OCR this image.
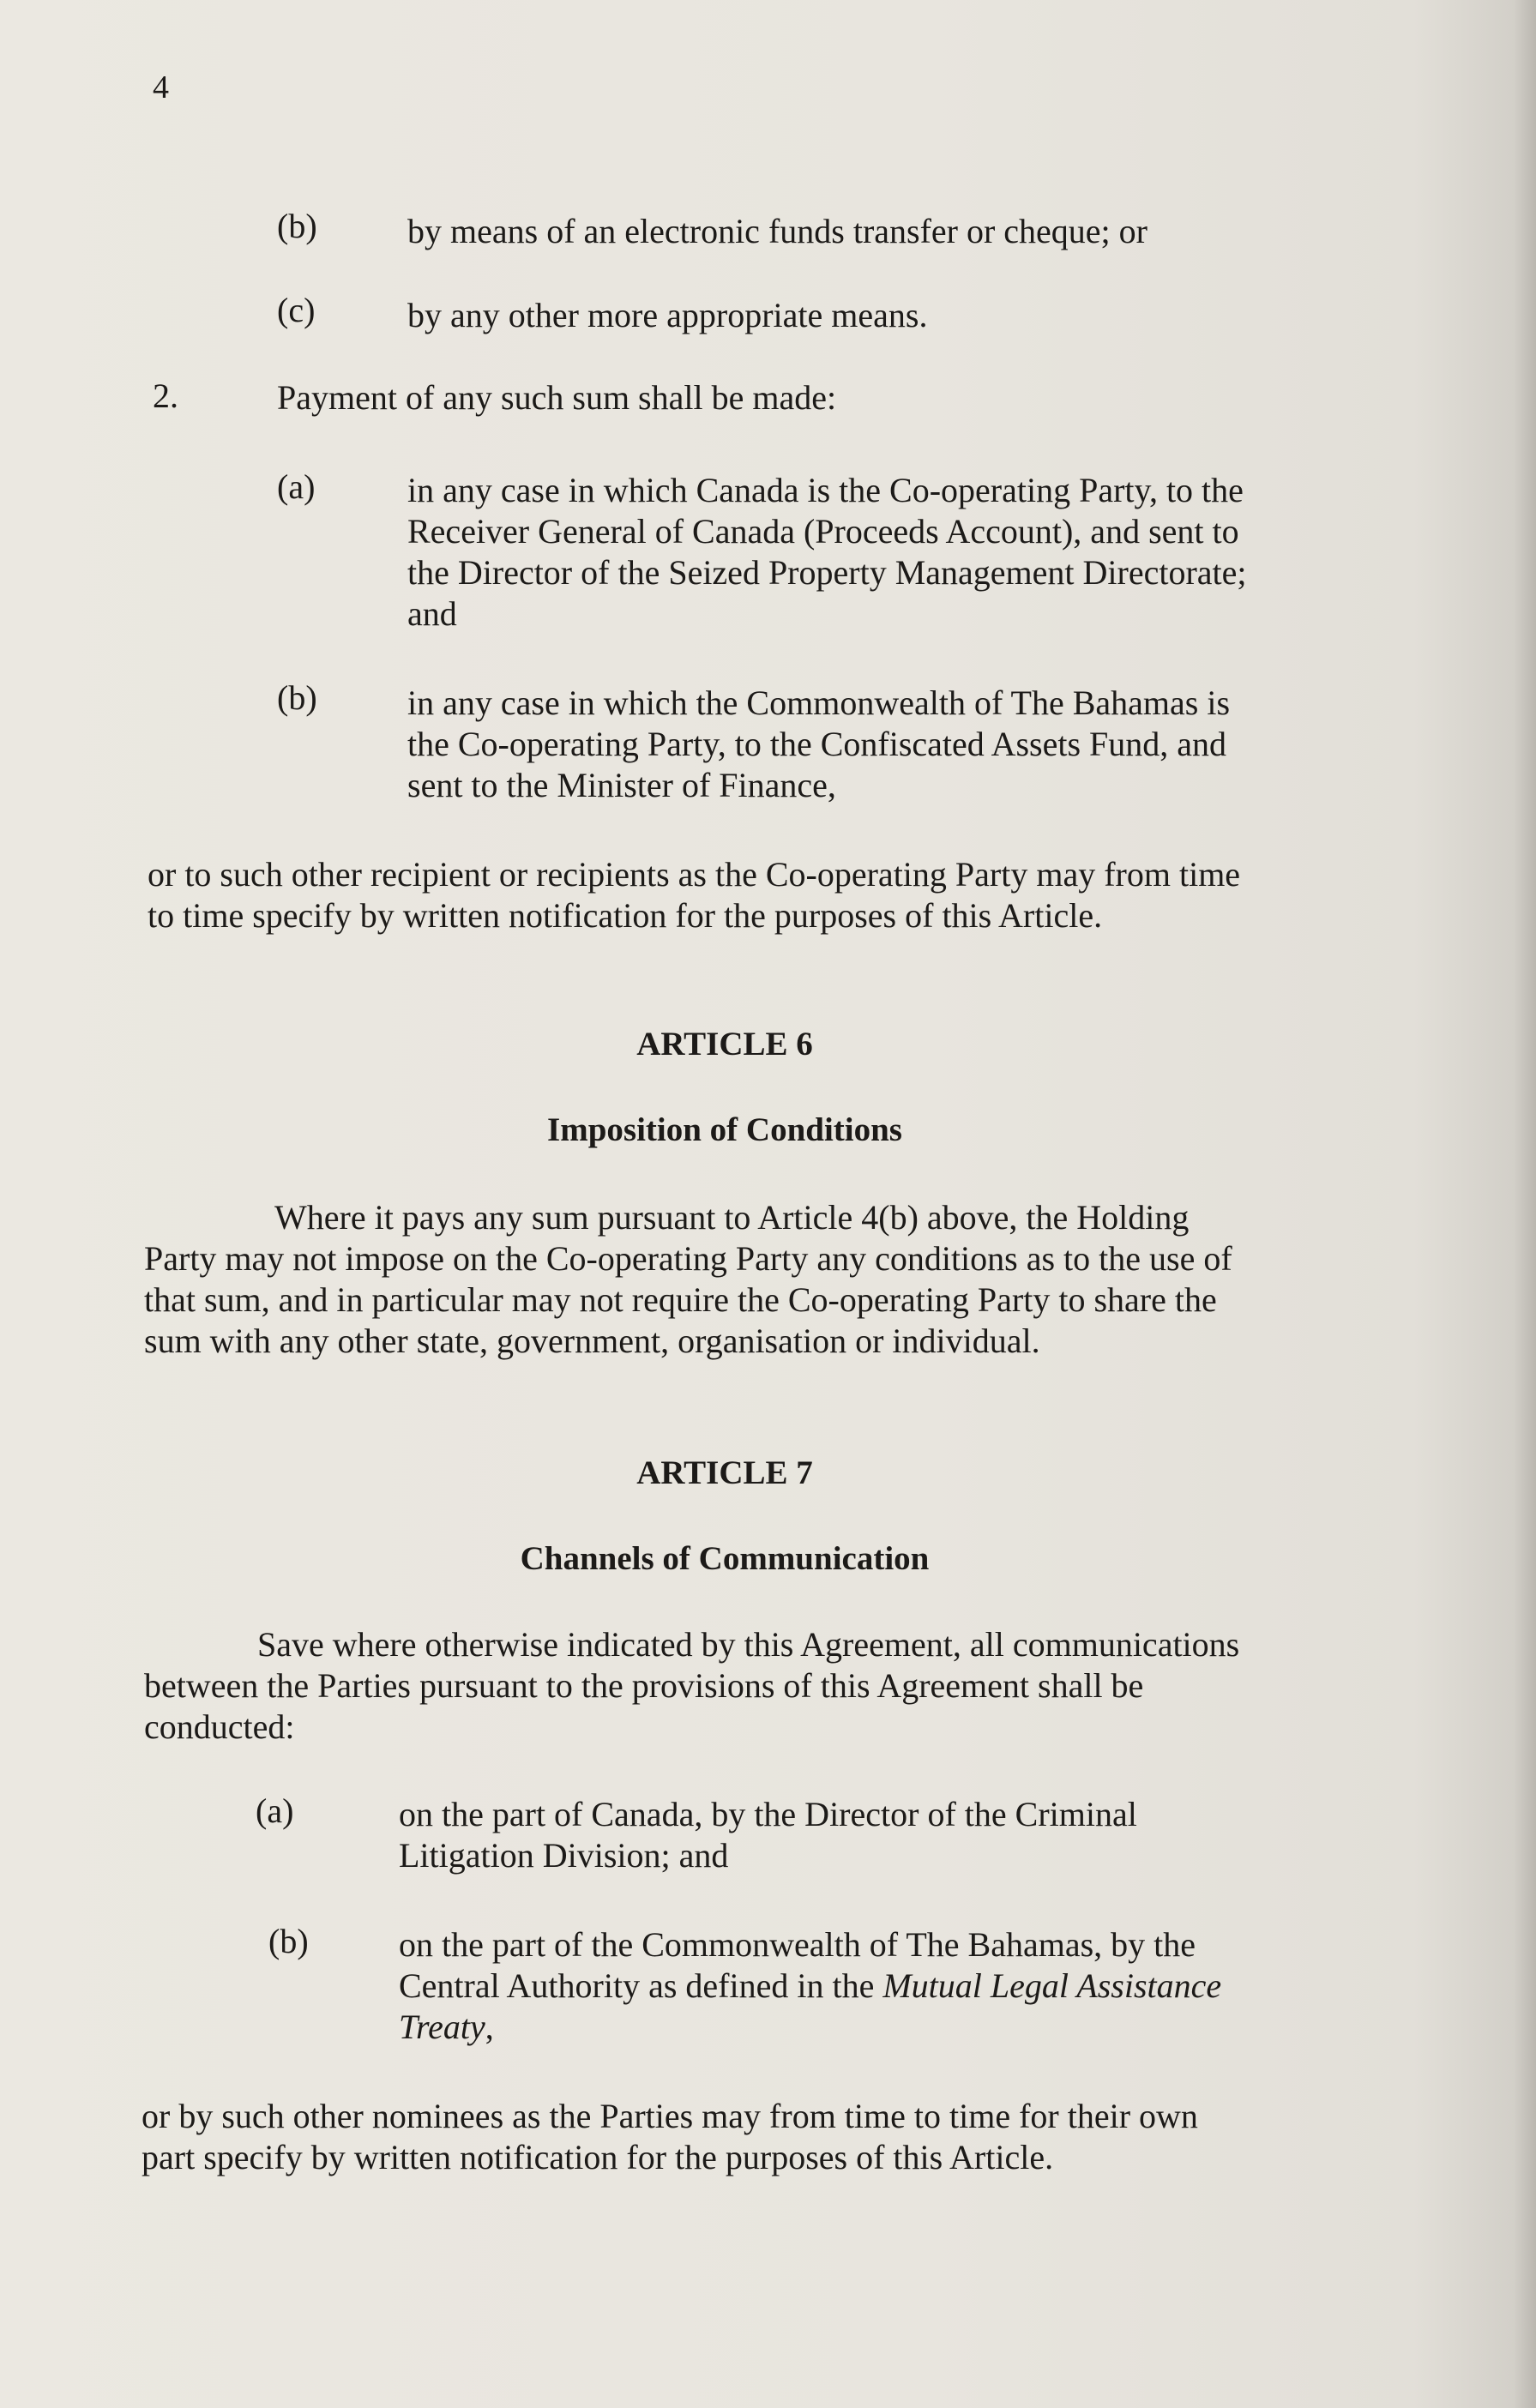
4
(b)	by means of an electronic funds transfer or cheque; or
(c)	by any other more appropriate means.
2.	Payment of any such sum shall be made:
(a)	in any case in which Canada is the Co-operating Party, to the
Receiver General of Canada (Proceeds Account), and sent to
the Director of the Seized Property Management Directorate;
and
(b)	in any case in which the Commonwealth of The Bahamas is
the Co-operating Party, to the Confiscated Assets Fund, and
sent to the Minister of Finance,
or to such other recipient or recipients as the Co-operating Party may from time
to time specify by written notification for the purposes of this Article.
ARTICLE 6
Imposition of Conditions
Where it pays any sum pursuant to Article 4(b) above, the Holding
Party may not impose on the Co-operating Party any conditions as to the use of
that sum, and in particular may not require the Co-operating Party to share the
sum with any other state, government, organisation or individual.
ARTICLE 7
Channels of Communication
Save where otherwise indicated by this Agreement, all communications
between the Parties pursuant to the provisions of this Agreement shall be
conducted:
(a)	on the part of Canada, by the Director of the Criminal
Litigation Division; and
(b)	on the part of the Commonwealth of The Bahamas, by the
Central Authority as defined in the Mutual Legal Assistance
Treaty,
or by such other nominees as the Parties may from time to time for their own
part specify by written notification for the purposes of this Article.
